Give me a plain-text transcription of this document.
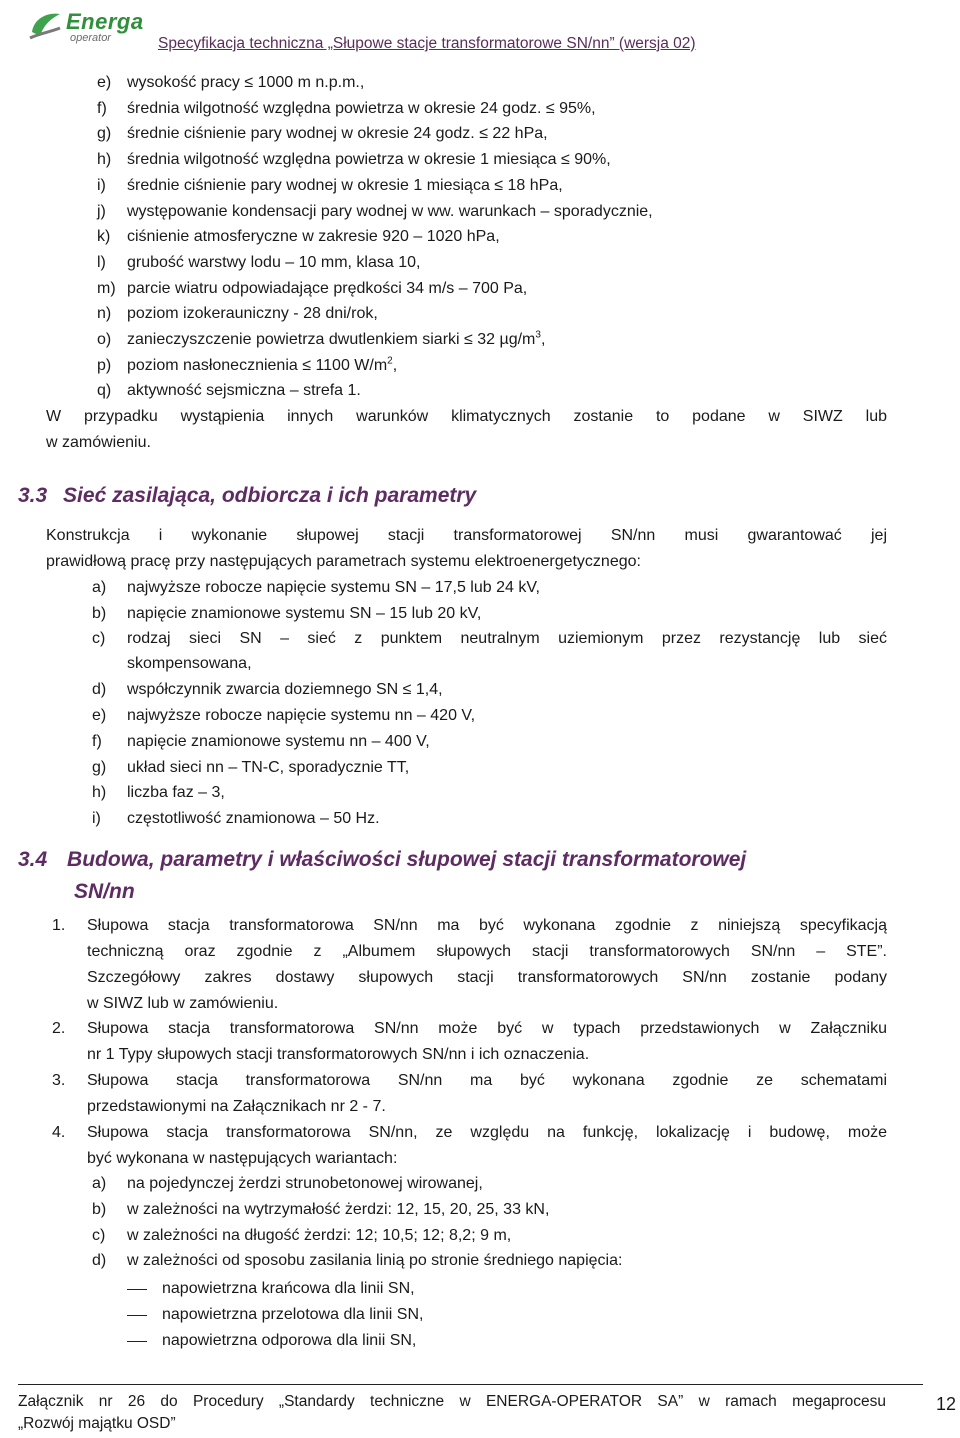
Energa
operator	Specyfikacja techniczna „Słupowe stacje transformatorowe SN/nn” (wersja 02)
e) wysokość pracy ≤ 1000 m n.p.m.,
f) średnia wilgotność względna powietrza w okresie 24 godz. ≤ 95%,
g) średnie ciśnienie pary wodnej w okresie 24 godz. ≤ 22 hPa,
h) średnia wilgotność względna powietrza w okresie 1 miesiąca ≤ 90%,
i) średnie ciśnienie pary wodnej w okresie 1 miesiąca ≤ 18 hPa,
j) występowanie kondensacji pary wodnej w ww. warunkach – sporadycznie,
k) ciśnienie atmosferyczne w zakresie 920 – 1020 hPa,
l) grubość warstwy lodu – 10 mm, klasa 10,
m) parcie wiatru odpowiadające prędkości 34 m/s – 700 Pa,
n) poziom izokerauniczny - 28 dni/rok,
o) zanieczyszczenie powietrza dwutlenkiem siarki ≤ 32 $\mu g/m^3$,
p) poziom nasłonecznienia ≤ 1100 $W/m^2$,
q) aktywność sejsmiczna – strefa 1.
W przypadku wystąpienia innych warunków klimatycznych zostanie to podane w SIWZ lub
w zamówieniu.
3.3 Sieć zasilająca, odbiorcza i ich parametry
Konstrukcja i wykonanie słupowej stacji transformatorowej SN/nn musi gwarantować jej
prawidłową pracę przy następujących parametrach systemu elektroenergetycznego:
a) najwyższe robocze napięcie systemu SN – 17,5 lub 24 kV,
b) napięcie znamionowe systemu SN – 15 lub 20 kV,
c) rodzaj sieci SN – sieć z punktem neutralnym uziemionym przez rezystancję lub sieć
skompensowana,
d) współczynnik zwarcia doziemnego SN ≤ 1,4,
e) najwyższe robocze napięcie systemu nn – 420 V,
f) napięcie znamionowe systemu nn – 400 V,
g) układ sieci nn – TN-C, sporadycznie TT,
h) liczba faz – 3,
i) częstotliwość znamionowa – 50 Hz.
3.4 Budowa, parametry i właściwości słupowej stacji transformatorowej
SN/nn
1. Słupowa stacja transformatorowa SN/nn ma być wykonana zgodnie z niniejszą specyfikacją
techniczną oraz zgodnie z „Albumem słupowych stacji transformatorowych SN/nn – STE”.
Szczegółowy zakres dostawy słupowych stacji transformatorowych SN/nn zostanie podany
w SIWZ lub w zamówieniu.
2. Słupowa stacja transformatorowa SN/nn może być w typach przedstawionych w Załączniku
nr 1 Typy słupowych stacji transformatorowych SN/nn i ich oznaczenia.
3. Słupowa stacja transformatorowa SN/nn ma być wykonana zgodnie ze schematami
przedstawionymi na Załącznikach nr 2 - 7.
4. Słupowa stacja transformatorowa SN/nn, ze względu na funkcję, lokalizację i budowę, może
być wykonana w następujących wariantach:
a) na pojedynczej żerdzi strunobetonowej wirowanej,
b) w zależności na wytrzymałość żerdzi: 12, 15, 20, 25, 33 kN,
c) w zależności na długość żerdzi: 12; 10,5; 12; 8,2; 9 m,
d) w zależności od sposobu zasilania linią po stronie średniego napięcia:
napowietrzna krańcowa dla linii SN,
napowietrzna przelotowa dla linii SN,
napowietrzna odporowa dla linii SN,
Załącznik nr 26 do Procedury „Standardy techniczne w ENERGA-OPERATOR SA” w ramach megaprocesu
„Rozwój majątku OSD”
12
